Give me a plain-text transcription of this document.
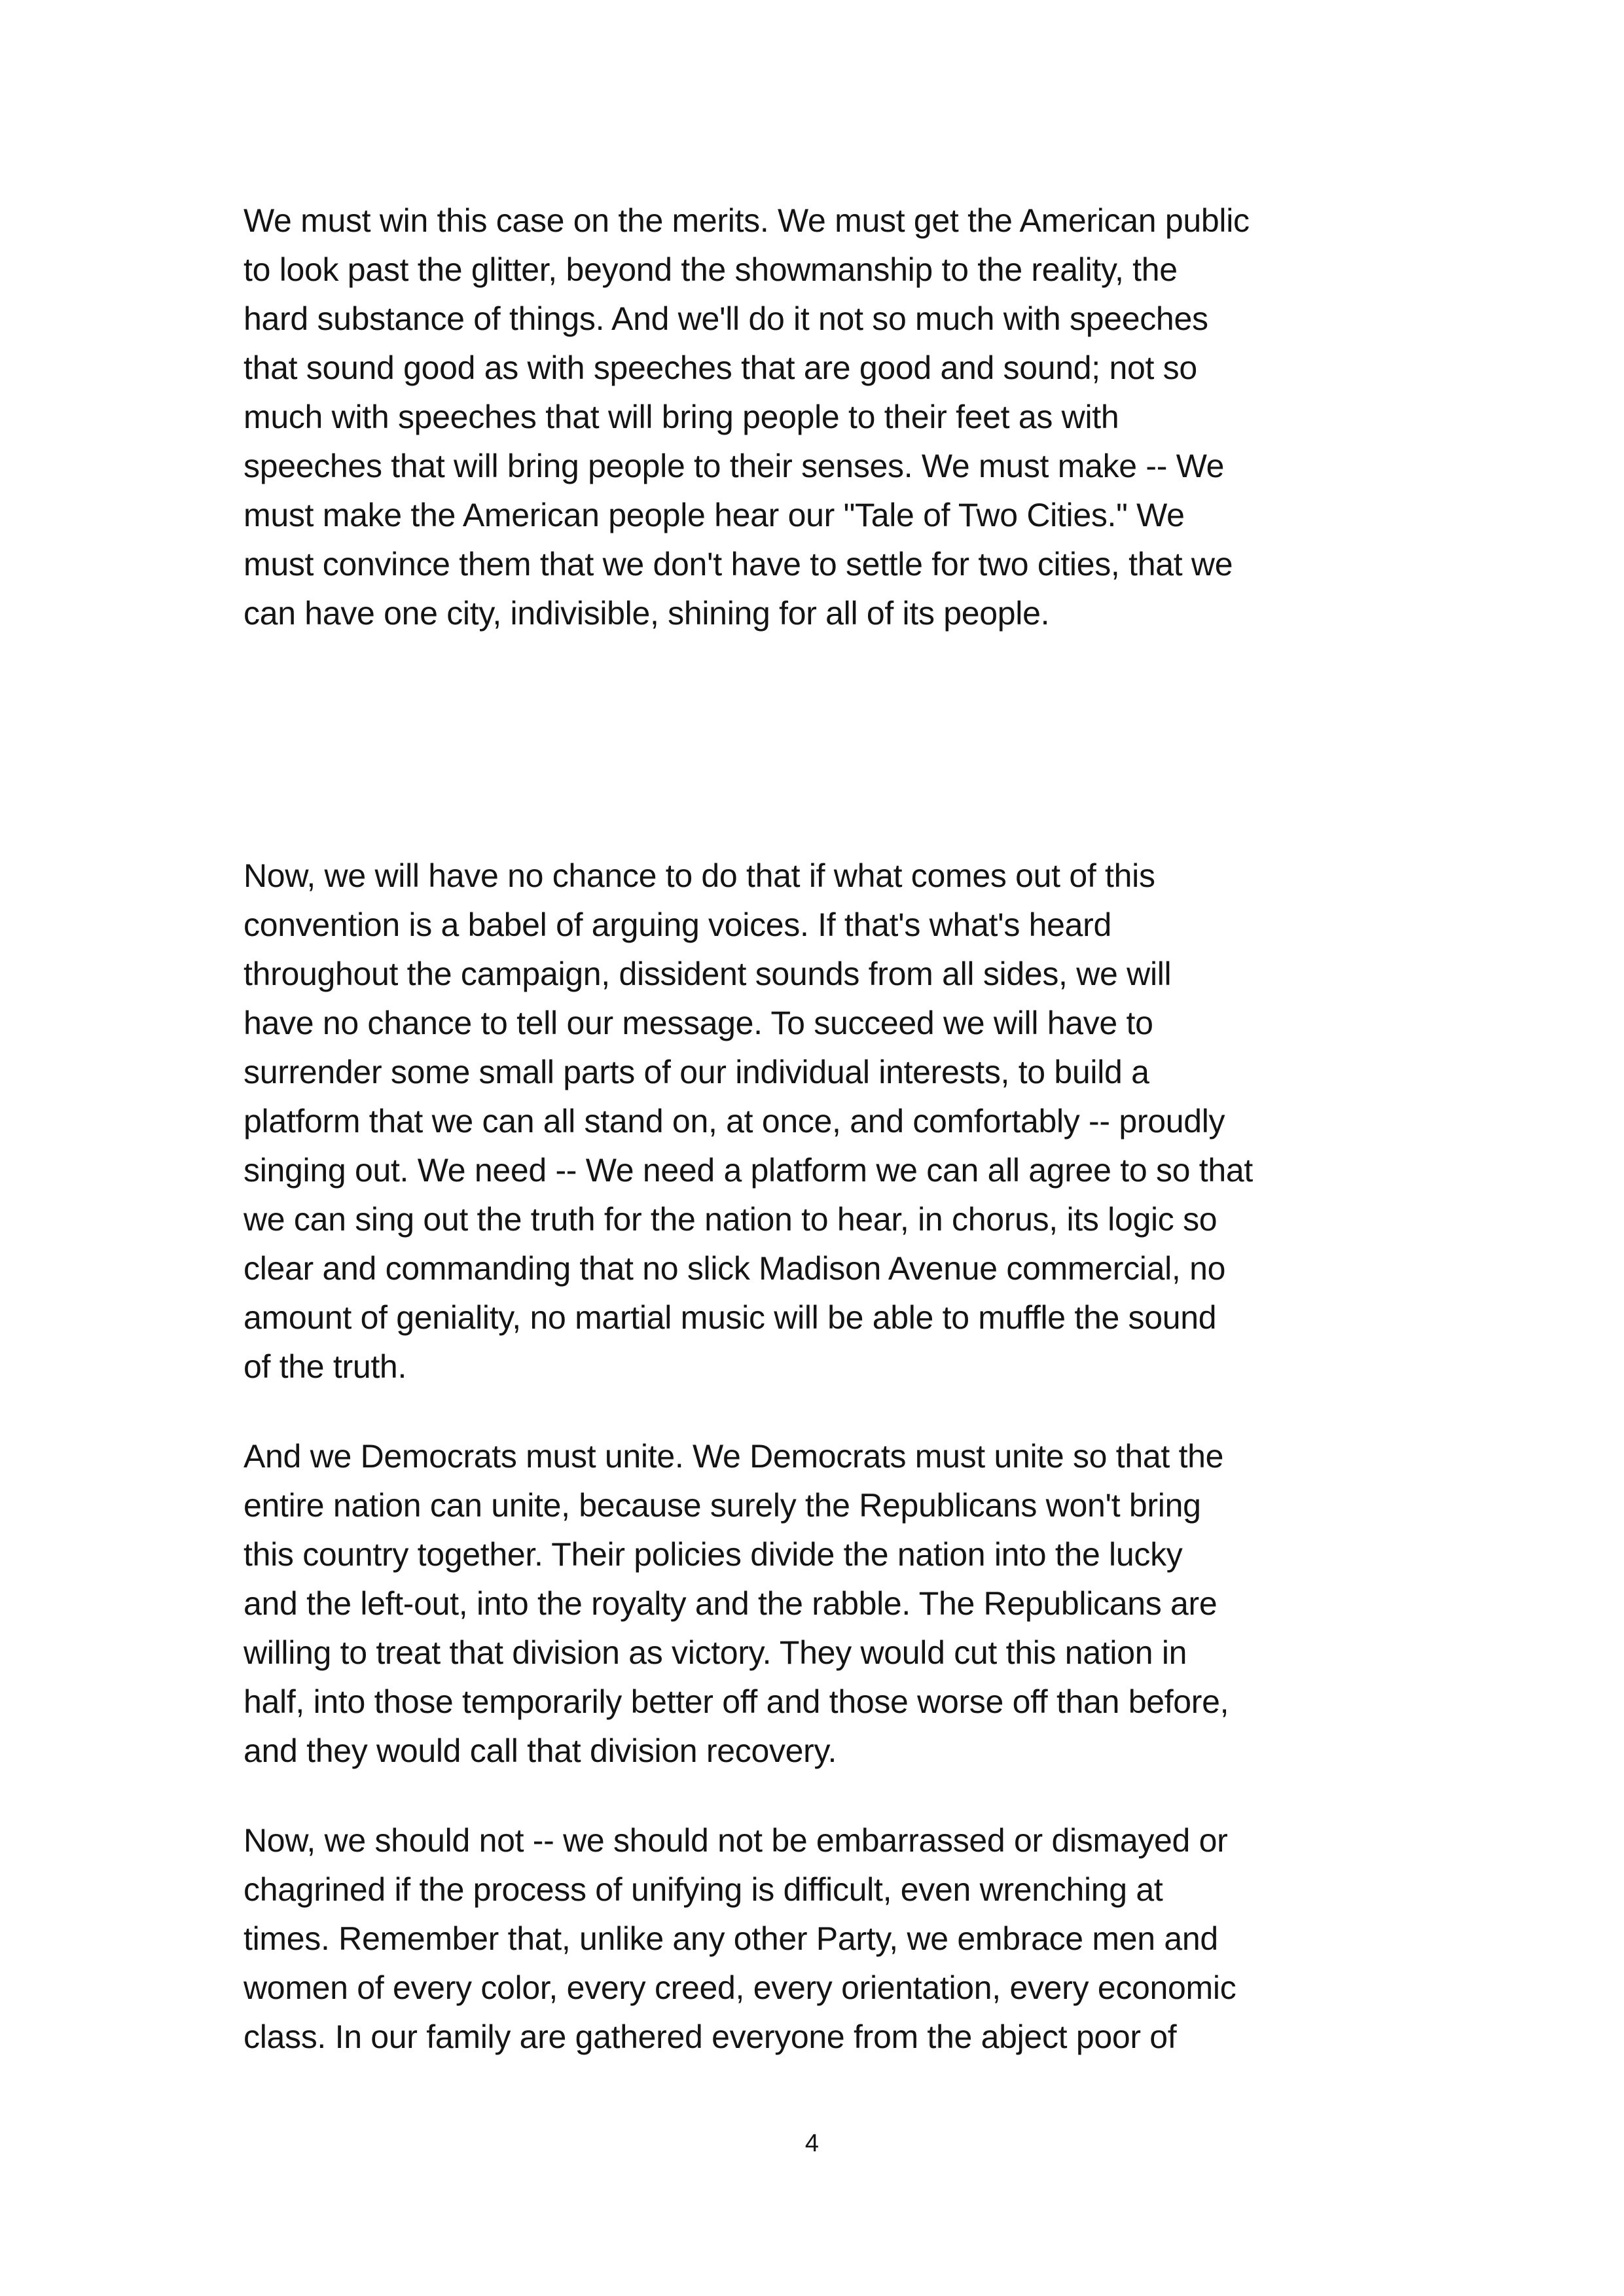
We must win this case on the merits. We must get the American public
to look past the glitter, beyond the showmanship to the reality, the
hard substance of things. And we'll do it not so much with speeches
that sound good as with speeches that are good and sound; not so
much with speeches that will bring people to their feet as with
speeches that will bring people to their senses. We must make -- We
must make the American people hear our "Tale of Two Cities." We
must convince them that we don't have to settle for two cities, that we
can have one city, indivisible, shining for all of its people.

Now, we will have no chance to do that if what comes out of this
convention is a babel of arguing voices. If that's what's heard
throughout the campaign, dissident sounds from all sides, we will
have no chance to tell our message. To succeed we will have to
surrender some small parts of our individual interests, to build a
platform that we can all stand on, at once, and comfortably -- proudly
singing out. We need -- We need a platform we can all agree to so that
we can sing out the truth for the nation to hear, in chorus, its logic so
clear and commanding that no slick Madison Avenue commercial, no
amount of geniality, no martial music will be able to muffle the sound
of the truth.

And we Democrats must unite. We Democrats must unite so that the
entire nation can unite, because surely the Republicans won't bring
this country together. Their policies divide the nation into the lucky
and the left-out, into the royalty and the rabble. The Republicans are
willing to treat that division as victory. They would cut this nation in
half, into those temporarily better off and those worse off than before,
and they would call that division recovery.

Now, we should not -- we should not be embarrassed or dismayed or
chagrined if the process of unifying is difficult, even wrenching at
times. Remember that, unlike any other Party, we embrace men and
women of every color, every creed, every orientation, every economic
class. In our family are gathered everyone from the abject poor of

4
